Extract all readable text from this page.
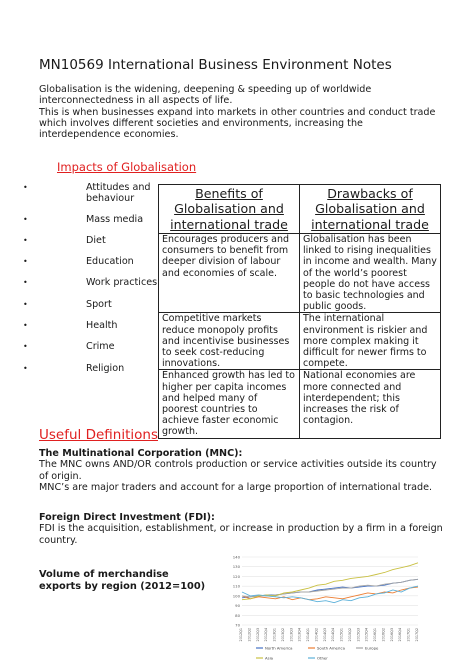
MN10569 International Business Environment Notes

Globalisation is the widening, deepening & speeding up of worldwide interconnectedness in all aspects of life.

This is when businesses expand into markets in other countries and conduct trade which involves different societies and environments, increasing the interdependence economies.

Impacts of Globalisation
•	Attitudes and behaviour
•	Mass media
•	Diet
•	Education
•	Work practices
•	Sport
•	Health
•	Crime
•	Religion
Benefits of Globalisation and international trade	Drawbacks of Globalisation and international trade
Encourages producers and consumers to benefit from deeper division of labour and economies of scale.	Globalisation has been linked to rising inequalities in income and wealth. Many of the world’s poorest people do not have access to basic technologies and public goods.
Competitive markets reduce monopoly profits and incentivise businesses to seek cost-reducing innovations.	The international environment is riskier and more complex making it difficult for newer firms to compete.
Enhanced growth has led to higher per capita incomes and helped many of poorest countries to achieve faster economic growth.	National economies are more connected and interdependent; this increases the risk of contagion.
Useful Definitions

The Multinational Corporation (MNC):

The MNC owns AND/OR controls production or service activities outside its country of origin.

MNC’s are major traders and account for a large proportion of international trade.

Foreign Direct Investment (FDI):

FDI is the acquisition, establishment, or increase in production by a firm in a foreign country.

Volume of merchandise exports by region (2012=100)
70
80
90
100
110
120
130
140
2012Q1 2012Q2 2012Q3 2012Q4 2013Q1 2013Q2 2013Q3 2013Q4 2014Q1 2014Q2 2014Q3 2014Q4 2015Q1 2015Q2 2015Q3 2015Q4 2016Q1 2016Q2 2016Q3 2016Q4 2017Q1 2017Q2
North America	South America	Europe
Asia	Other
